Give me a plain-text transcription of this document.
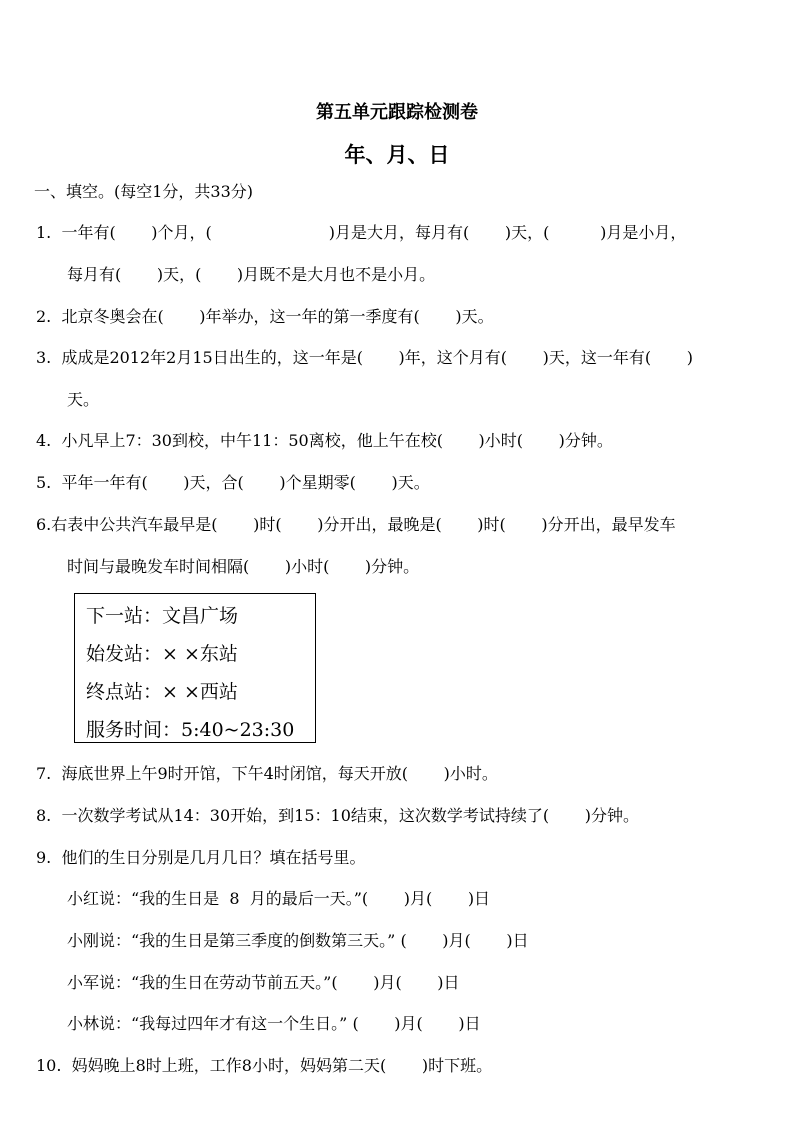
第五单元跟踪检测卷
年、月、日
一、填空。(每空1分，共33分)
1.  一年有(       )个月，(                       )月是大月，每月有(       )天，(          )月是小月，
每月有(       )天，(       )月既不是大月也不是小月。
2.  北京冬奥会在(       )年举办，这一年的第一季度有(       )天。
3.  成成是2012年2月15日出生的，这一年是(       )年，这个月有(       )天，这一年有(       )
天。
4.  小凡早上7：30到校，中午11：50离校，他上午在校(       )小时(       )分钟。
5.  平年一年有(       )天，合(       )个星期零(       )天。
6.右表中公共汽车最早是(       )时(       )分开出，最晚是(       )时(       )分开出，最早发车
时间与最晚发车时间相隔(       )小时(       )分钟。
下一站：文昌广场
始发站：× ×东站
终点站：× ×西站
服务时间：5:40~23:30
7.  海底世界上午9时开馆，下午4时闭馆，每天开放(       )小时。
8.  一次数学考试从14：30开始，到15：10结束，这次数学考试持续了(       )分钟。
9.  他们的生日分别是几月几日？填在括号里。
小红说：“我的生日是  8  月的最后一天。”(       )月(       )日
小刚说：“我的生日是第三季度的倒数第三天。” (       )月(       )日
小军说：“我的生日在劳动节前五天。”(       )月(       )日
小林说：“我每过四年才有这一个生日。” (       )月(       )日
10.  妈妈晚上8时上班，工作8小时，妈妈第二天(       )时下班。
